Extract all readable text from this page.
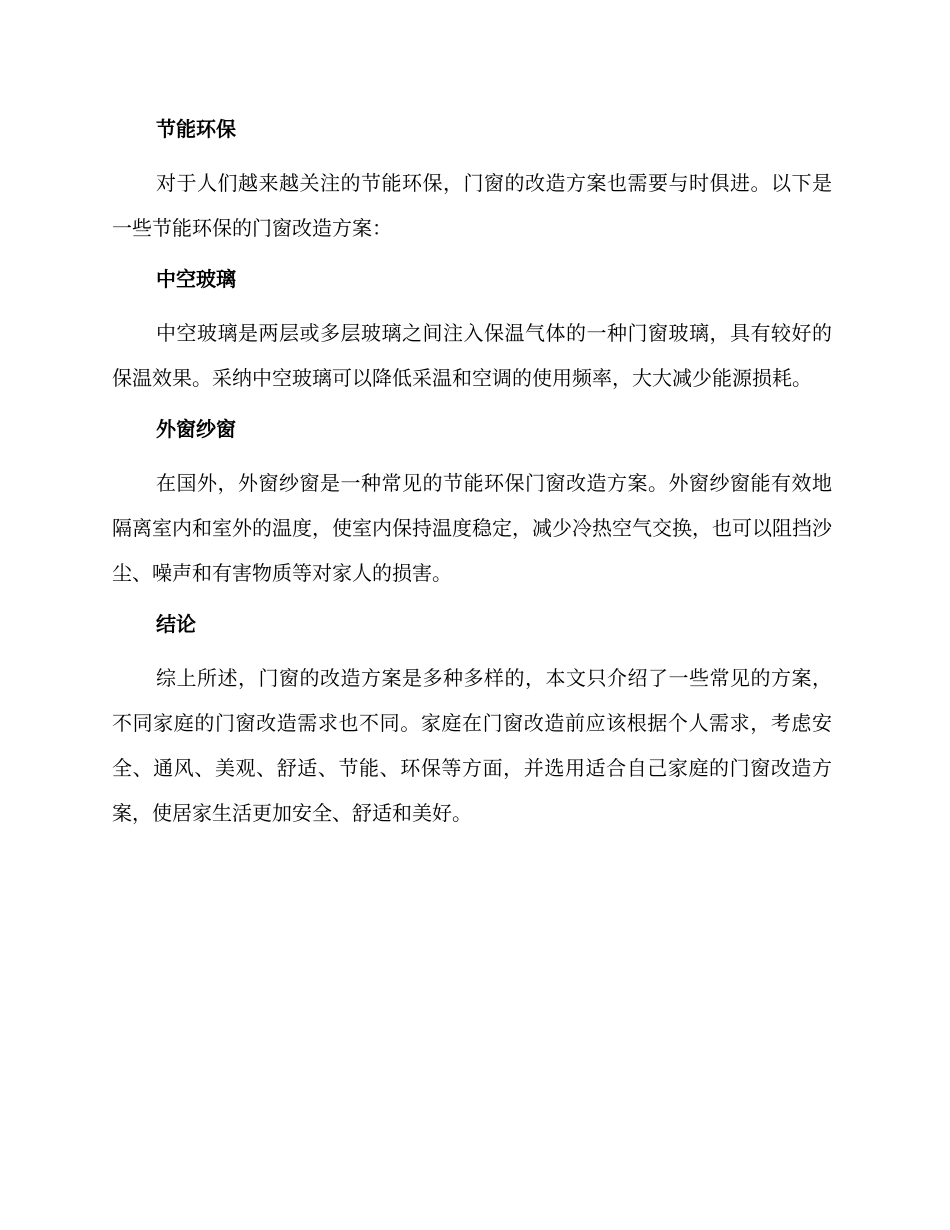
节能环保

对于人们越来越关注的节能环保，门窗的改造方案也需要与时俱进。以下是一些节能环保的门窗改造方案：

中空玻璃

中空玻璃是两层或多层玻璃之间注入保温气体的一种门窗玻璃，具有较好的保温效果。采纳中空玻璃可以降低采温和空调的使用频率，大大减少能源损耗。

外窗纱窗

在国外，外窗纱窗是一种常见的节能环保门窗改造方案。外窗纱窗能有效地隔离室内和室外的温度，使室内保持温度稳定，减少冷热空气交换，也可以阻挡沙尘、噪声和有害物质等对家人的损害。

结论

综上所述，门窗的改造方案是多种多样的，本文只介绍了一些常见的方案，不同家庭的门窗改造需求也不同。家庭在门窗改造前应该根据个人需求，考虑安全、通风、美观、舒适、节能、环保等方面，并选用适合自己家庭的门窗改造方案，使居家生活更加安全、舒适和美好。
